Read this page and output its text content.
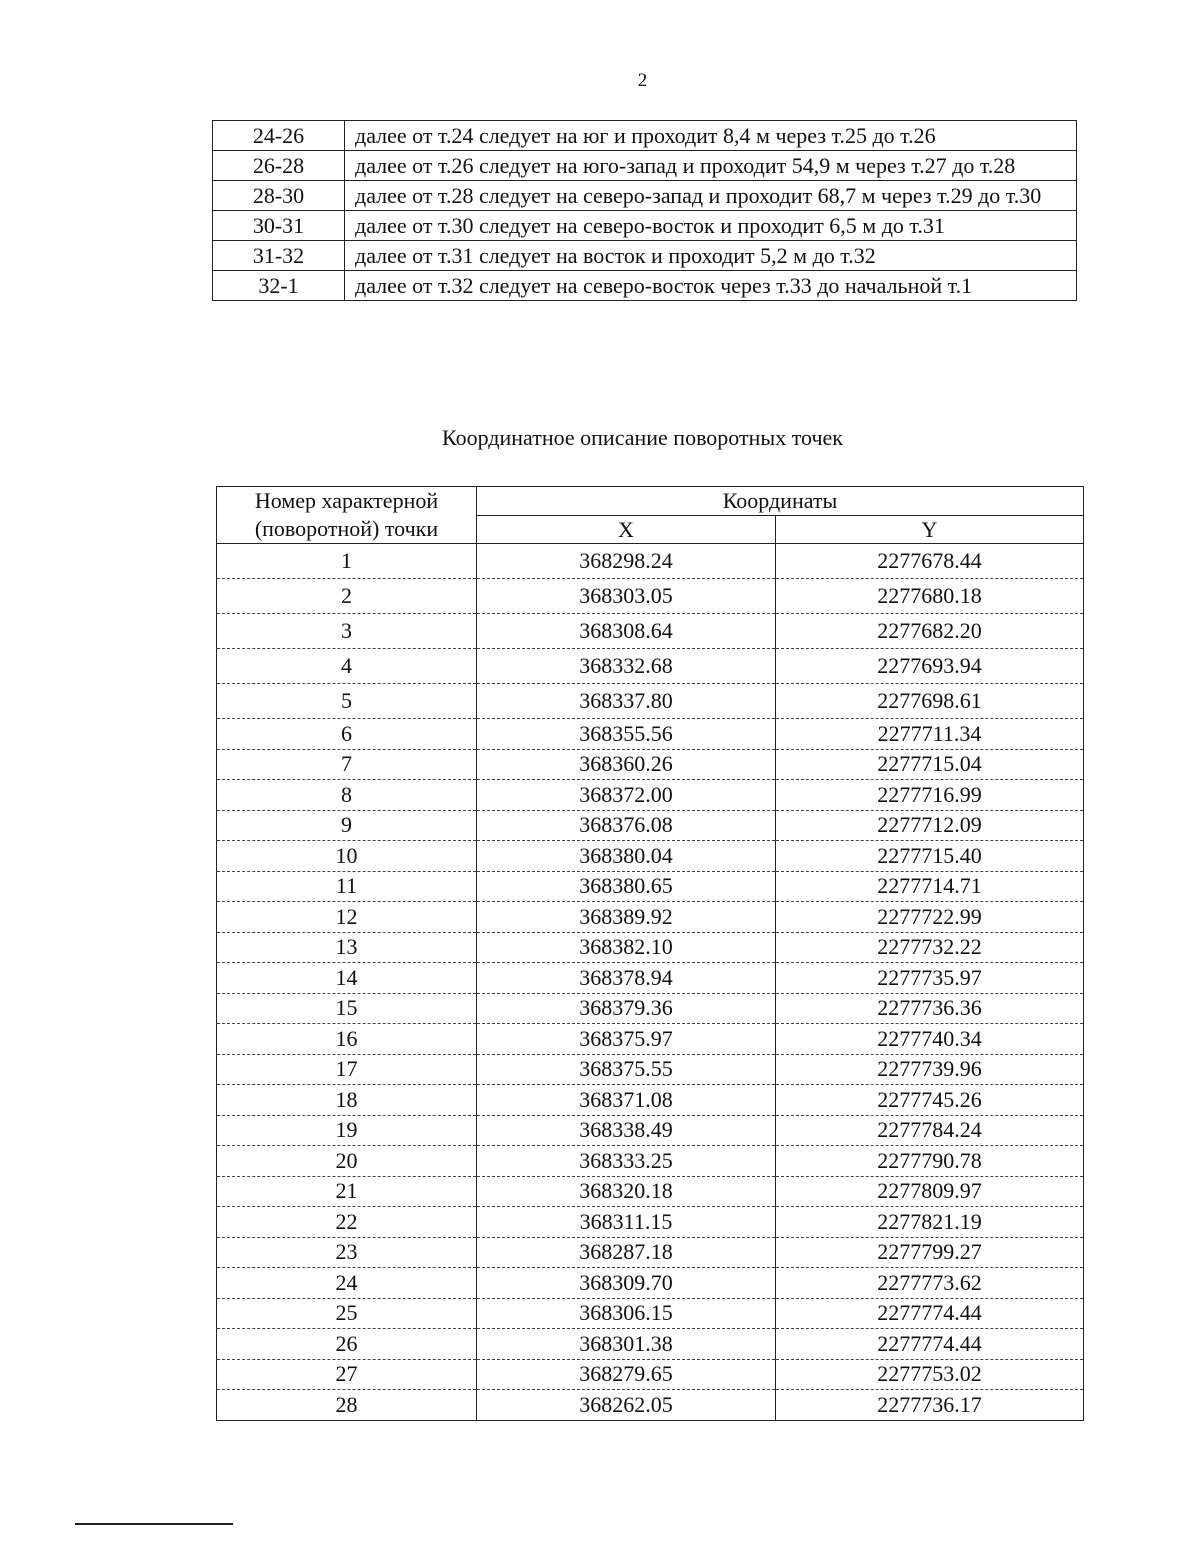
2
24-26	далее от т.24 следует на юг и проходит 8,4 м через т.25 до т.26
26-28	далее от т.26 следует на юго-запад и проходит 54,9 м через т.27 до т.28
28-30	далее от т.28 следует на северо-запад и проходит 68,7 м через т.29 до т.30
30-31	далее от т.30 следует на северо-восток и проходит 6,5 м до т.31
31-32	далее от т.31 следует на восток и проходит 5,2 м до т.32
32-1	далее от т.32 следует на северо-восток через т.33 до начальной т.1
Координатное описание поворотных точек
Номер характерной
(поворотной) точки	Координаты	
	X	Y
1	368298.24	2277678.44
2	368303.05	2277680.18
3	368308.64	2277682.20
4	368332.68	2277693.94
5	368337.80	2277698.61
6	368355.56	2277711.34
7	368360.26	2277715.04
8	368372.00	2277716.99
9	368376.08	2277712.09
10	368380.04	2277715.40
11	368380.65	2277714.71
12	368389.92	2277722.99
13	368382.10	2277732.22
14	368378.94	2277735.97
15	368379.36	2277736.36
16	368375.97	2277740.34
17	368375.55	2277739.96
18	368371.08	2277745.26
19	368338.49	2277784.24
20	368333.25	2277790.78
21	368320.18	2277809.97
22	368311.15	2277821.19
23	368287.18	2277799.27
24	368309.70	2277773.62
25	368306.15	2277774.44
26	368301.38	2277774.44
27	368279.65	2277753.02
28	368262.05	2277736.17
